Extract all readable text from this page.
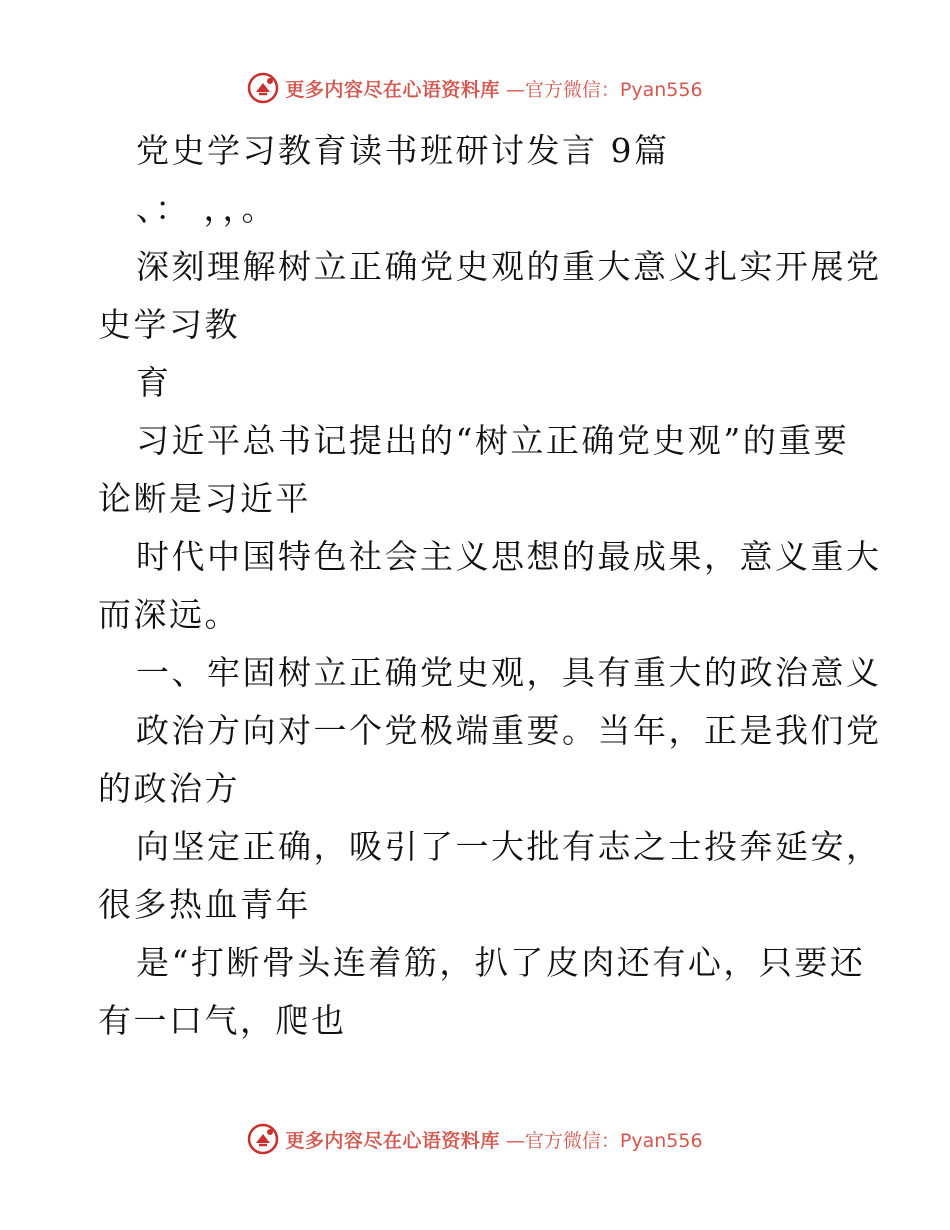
更多内容尽在心语资料库 —官方微信：Pyan556
党史学习教育读书班研讨发言 9篇
、： ，，。
深刻理解树立正确党史观的重大意义扎实开展党
史学习教
育
习近平总书记提出的“树立正确党史观”的重要
论断是习近平
时代中国特色社会主义思想的最成果，意义重大
而深远。
一、牢固树立正确党史观，具有重大的政治意义
政治方向对一个党极端重要。当年，正是我们党
的政治方
向坚定正确，吸引了一大批有志之士投奔延安，
很多热血青年
是“打断骨头连着筋，扒了皮肉还有心，只要还
有一口气，爬也
更多内容尽在心语资料库 —官方微信：Pyan556
